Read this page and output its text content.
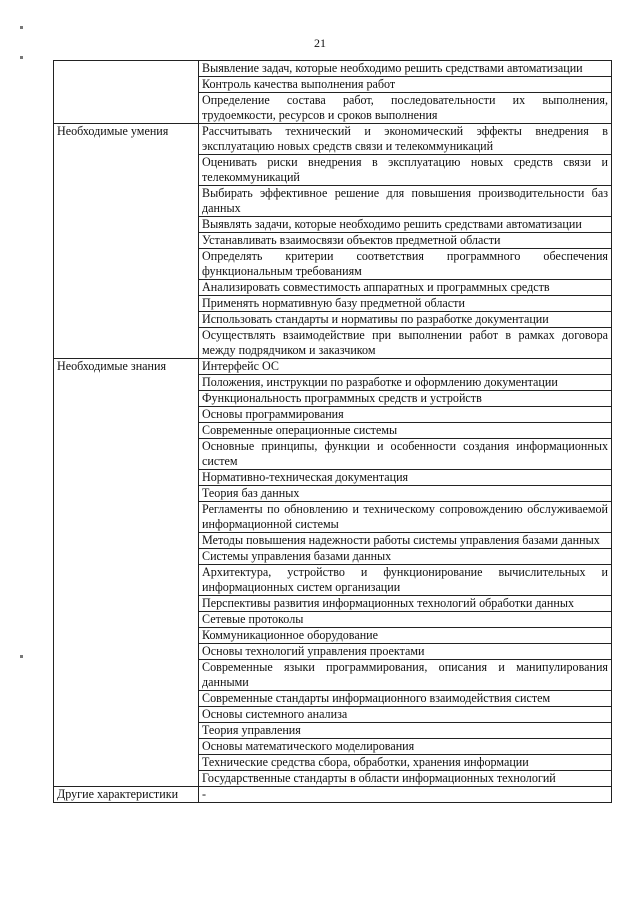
21
	Выявление задач, которые необходимо решить средствами автоматизации
	Контроль качества выполнения работ
	Определение состава работ, последовательности их выполнения, трудоемкости, ресурсов и сроков выполнения
Необходимые умения	Рассчитывать технический и экономический эффекты внедрения в эксплуатацию новых средств связи и телекоммуникаций
	Оценивать риски внедрения в эксплуатацию новых средств связи и телекоммуникаций
	Выбирать эффективное решение для повышения производительности баз данных
	Выявлять задачи, которые необходимо решить средствами автоматизации
	Устанавливать взаимосвязи объектов предметной области
	Определять критерии соответствия программного обеспечения функциональным требованиям
	Анализировать совместимость аппаратных и программных средств
	Применять нормативную базу предметной области
	Использовать стандарты и нормативы по разработке документации
	Осуществлять взаимодействие при выполнении работ в рамках договора между подрядчиком и заказчиком
Необходимые знания	Интерфейс ОС
	Положения, инструкции по разработке и оформлению документации
	Функциональность программных средств и устройств
	Основы программирования
	Современные операционные системы
	Основные принципы, функции и особенности создания информационных систем
	Нормативно-техническая документация
	Теория баз данных
	Регламенты по обновлению и техническому сопровождению обслуживаемой информационной системы
	Методы повышения надежности работы системы управления базами данных
	Системы управления базами данных
	Архитектура, устройство и функционирование вычислительных и информационных систем организации
	Перспективы развития информационных технологий обработки данных
	Сетевые протоколы
	Коммуникационное оборудование
	Основы технологий управления проектами
	Современные языки программирования, описания и манипулирования данными
	Современные стандарты информационного взаимодействия систем
	Основы системного анализа
	Теория управления
	Основы математического моделирования
	Технические средства сбора, обработки, хранения информации
	Государственные стандарты в области информационных технологий
Другие характеристики	-
